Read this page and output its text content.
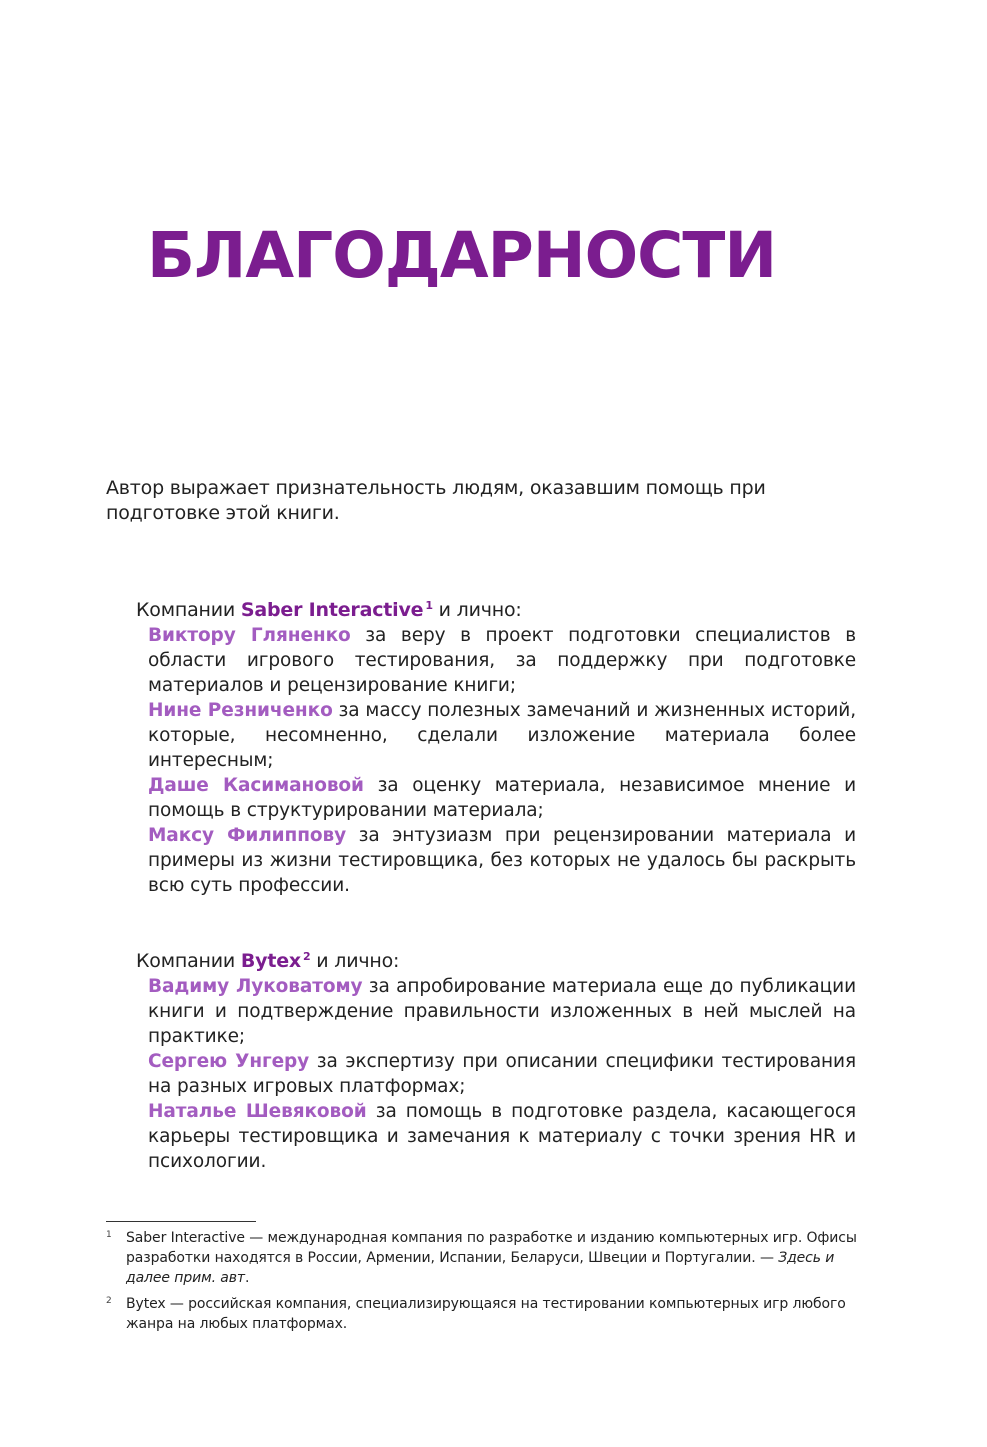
БЛАГОДАРНОСТИ

Автор выражает признательность людям, оказавшим помощь при подготовке этой книги.

Компании Saber Interactive $^1$ и лично:

Виктору Гляненко за веру в проект подготовки специалистов в области игрового тестирования, за поддержку при подготовке материалов и рецензирование книги;

Нине Резниченко за массу полезных замечаний и жизненных историй, которые, несомненно, сделали изложение материала более интересным;

Даше Касимановой за оценку материала, независимое мнение и помощь в структурировании материала;

Максу Филиппову за энтузиазм при рецензировании материала и примеры из жизни тестировщика, без которых не удалось бы раскрыть всю суть профессии.

Компании Bytex $^2$ и лично:

Вадиму Луковатому за апробирование материала еще до публикации книги и подтверждение правильности изложенных в ней мыслей на практике;

Сергею Унгеру за экспертизу при описании специфики тестирования на разных игровых платформах;

Наталье Шевяковой за помощь в подготовке раздела, касающегося карьеры тестировщика и замечания к материалу с точки зрения HR и психологии.

1 Saber Interactive — международная компания по разработке и изданию компьютерных игр. Офисы разработки находятся в России, Армении, Испании, Беларуси, Швеции и Португалии. — Здесь и далее прим. авт.

2 Bytex — российская компания, специализирующаяся на тестировании компьютерных игр любого жанра на любых платформах.
